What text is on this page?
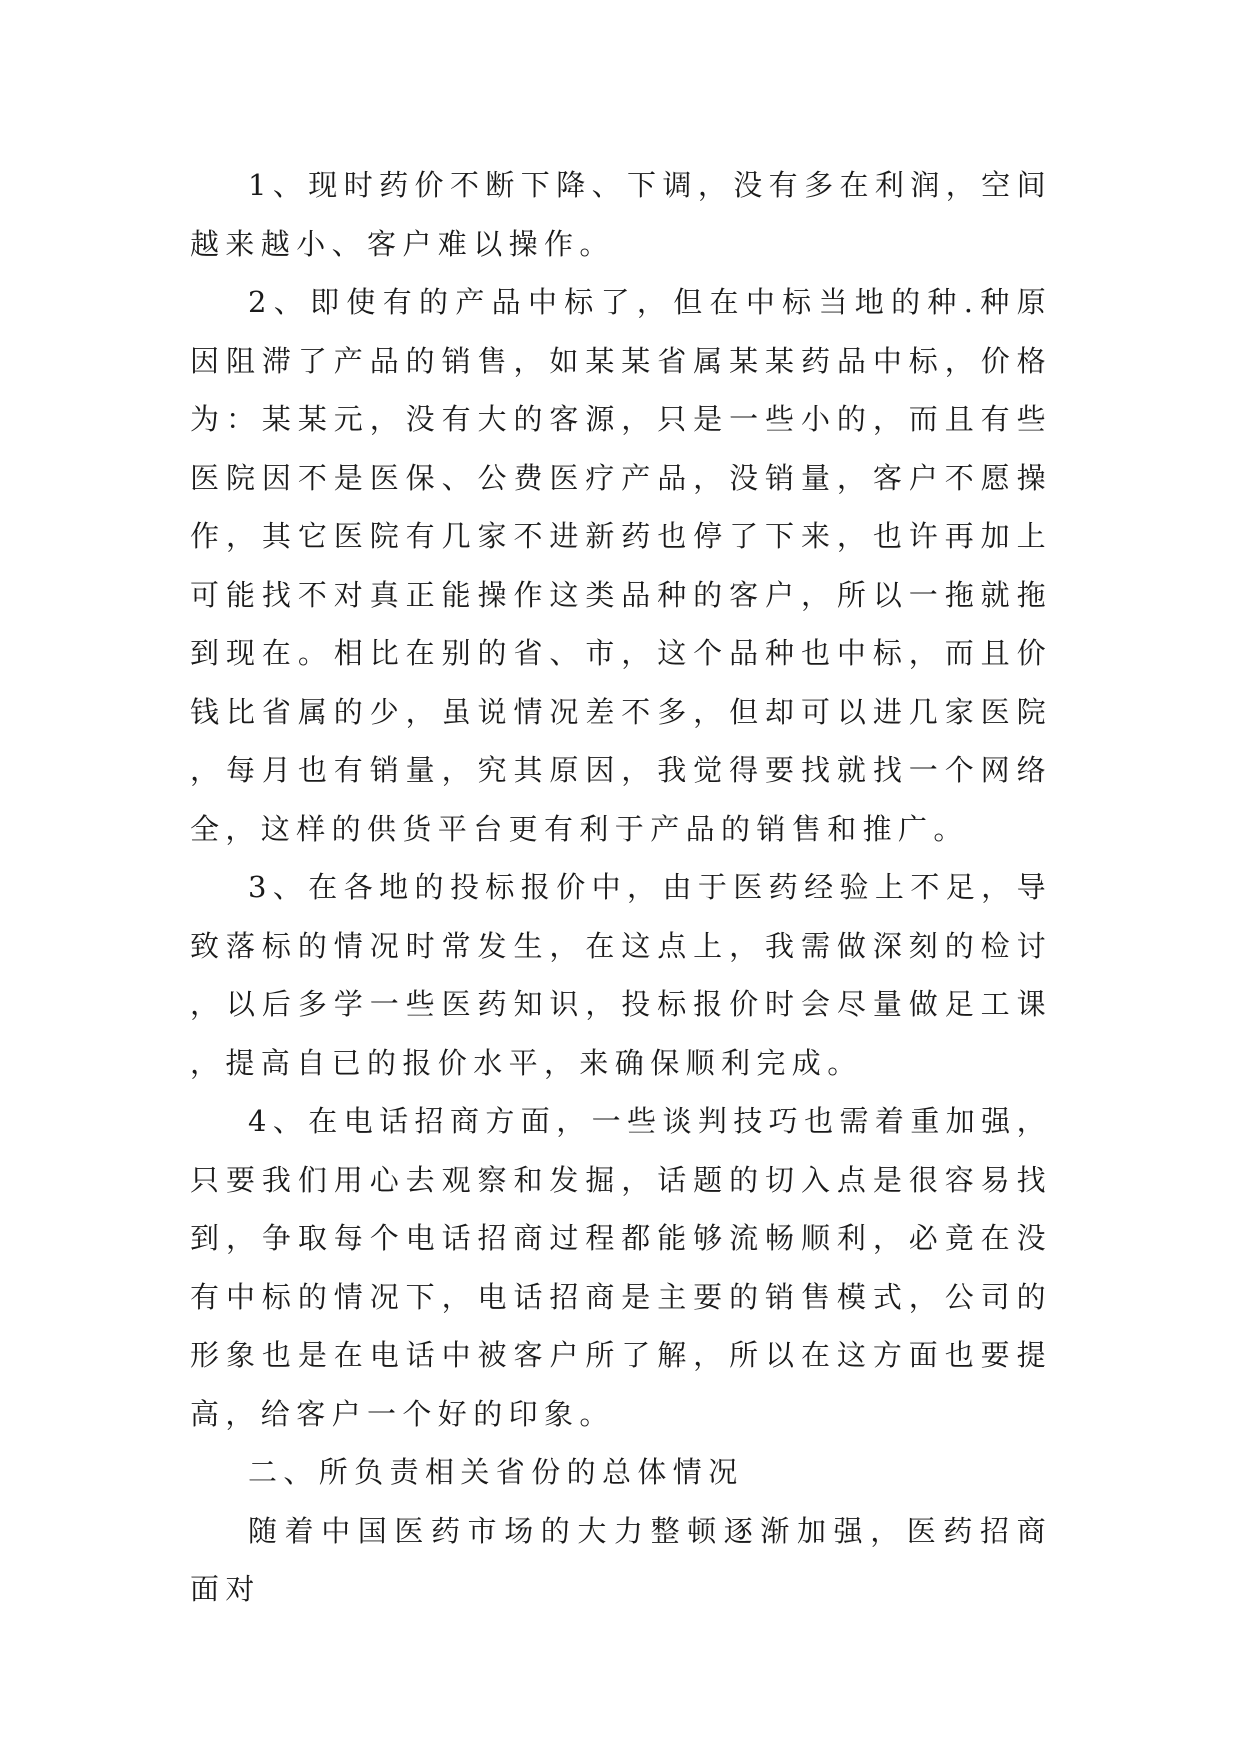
1、现时药价不断下降、下调，没有多在利润，空间越来越小、客户难以操作。

2、即使有的产品中标了，但在中标当地的种.种原因阻滞了产品的销售，如某某省属某某药品中标，价格为：某某元，没有大的客源，只是一些小的，而且有些医院因不是医保、公费医疗产品，没销量，客户不愿操作，其它医院有几家不进新药也停了下来，也许再加上可能找不对真正能操作这类品种的客户，所以一拖就拖到现在。相比在别的省、市，这个品种也中标，而且价钱比省属的少，虽说情况差不多，但却可以进几家医院，每月也有销量，究其原因，我觉得要找就找一个网络全，这样的供货平台更有利于产品的销售和推广。

3、在各地的投标报价中，由于医药经验上不足，导致落标的情况时常发生，在这点上，我需做深刻的检讨，以后多学一些医药知识，投标报价时会尽量做足工课，提高自已的报价水平，来确保顺利完成。

4、在电话招商方面，一些谈判技巧也需着重加强，只要我们用心去观察和发掘，话题的切入点是很容易找到，争取每个电话招商过程都能够流畅顺利，必竟在没有中标的情况下，电话招商是主要的销售模式，公司的形象也是在电话中被客户所了解，所以在这方面也要提高，给客户一个好的印象。

二、所负责相关省份的总体情况

随着中国医药市场的大力整顿逐渐加强，医药招商面对
